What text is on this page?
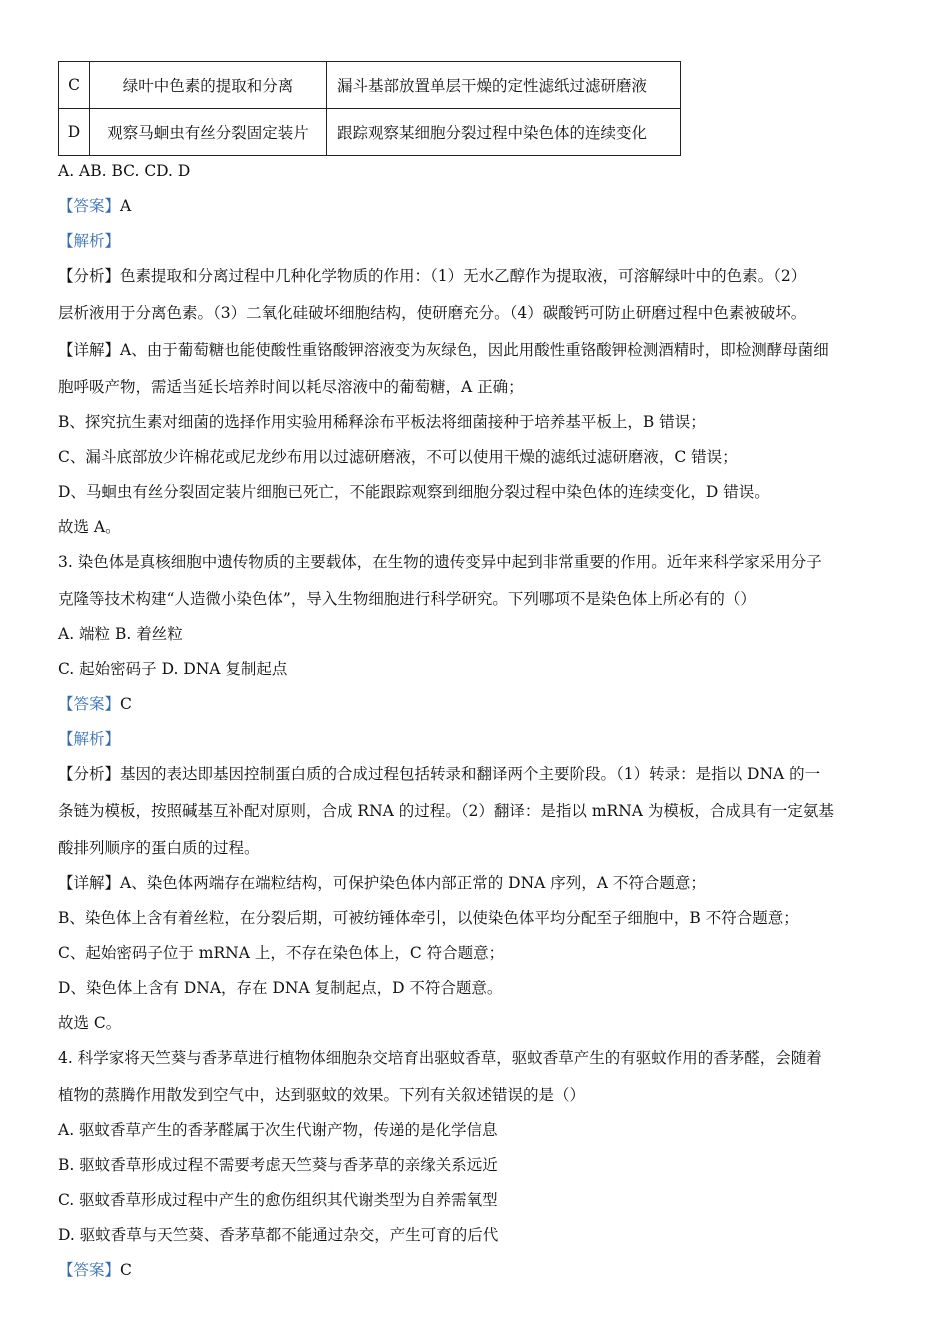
C	绿叶中色素的提取和分离	漏斗基部放置单层干燥的定性滤纸过滤研磨液
D	观察马蛔虫有丝分裂固定装片	跟踪观察某细胞分裂过程中染色体的连续变化
A. AB. BC. CD. D
【答案】A
【解析】
【分析】色素提取和分离过程中几种化学物质的作用：（1）无水乙醇作为提取液，可溶解绿叶中的色素。（2）
层析液用于分离色素。（3）二氧化硅破坏细胞结构，使研磨充分。（4）碳酸钙可防止研磨过程中色素被破坏。
【详解】A、由于葡萄糖也能使酸性重铬酸钾溶液变为灰绿色，因此用酸性重铬酸钾检测酒精时，即检测酵母菌细
胞呼吸产物，需适当延长培养时间以耗尽溶液中的葡萄糖，A 正确；
B、探究抗生素对细菌的选择作用实验用稀释涂布平板法将细菌接种于培养基平板上，B 错误；
C、漏斗底部放少许棉花或尼龙纱布用以过滤研磨液，不可以使用干燥的滤纸过滤研磨液，C 错误；
D、马蛔虫有丝分裂固定装片细胞已死亡，不能跟踪观察到细胞分裂过程中染色体的连续变化，D 错误。
故选 A。
3. 染色体是真核细胞中遗传物质的主要载体，在生物的遗传变异中起到非常重要的作用。近年来科学家采用分子
克隆等技术构建“人造微小染色体”，导入生物细胞进行科学研究。下列哪项不是染色体上所必有的（）
A. 端粒 B. 着丝粒
C. 起始密码子 D. DNA 复制起点
【答案】C
【解析】
【分析】基因的表达即基因控制蛋白质的合成过程包括转录和翻译两个主要阶段。（1）转录：是指以 DNA 的一
条链为模板，按照碱基互补配对原则，合成 RNA 的过程。（2）翻译：是指以 mRNA 为模板，合成具有一定氨基
酸排列顺序的蛋白质的过程。
【详解】A、染色体两端存在端粒结构，可保护染色体内部正常的 DNA 序列，A 不符合题意；
B、染色体上含有着丝粒，在分裂后期，可被纺锤体牵引，以使染色体平均分配至子细胞中，B 不符合题意；
C、起始密码子位于 mRNA 上，不存在染色体上，C 符合题意；
D、染色体上含有 DNA，存在 DNA 复制起点，D 不符合题意。
故选 C。
4. 科学家将天竺葵与香茅草进行植物体细胞杂交培育出驱蚊香草，驱蚊香草产生的有驱蚊作用的香茅醛，会随着
植物的蒸腾作用散发到空气中，达到驱蚊的效果。下列有关叙述错误的是（）
A. 驱蚊香草产生的香茅醛属于次生代谢产物，传递的是化学信息
B. 驱蚊香草形成过程不需要考虑天竺葵与香茅草的亲缘关系远近
C. 驱蚊香草形成过程中产生的愈伤组织其代谢类型为自养需氧型
D. 驱蚊香草与天竺葵、香茅草都不能通过杂交，产生可育的后代
【答案】C
